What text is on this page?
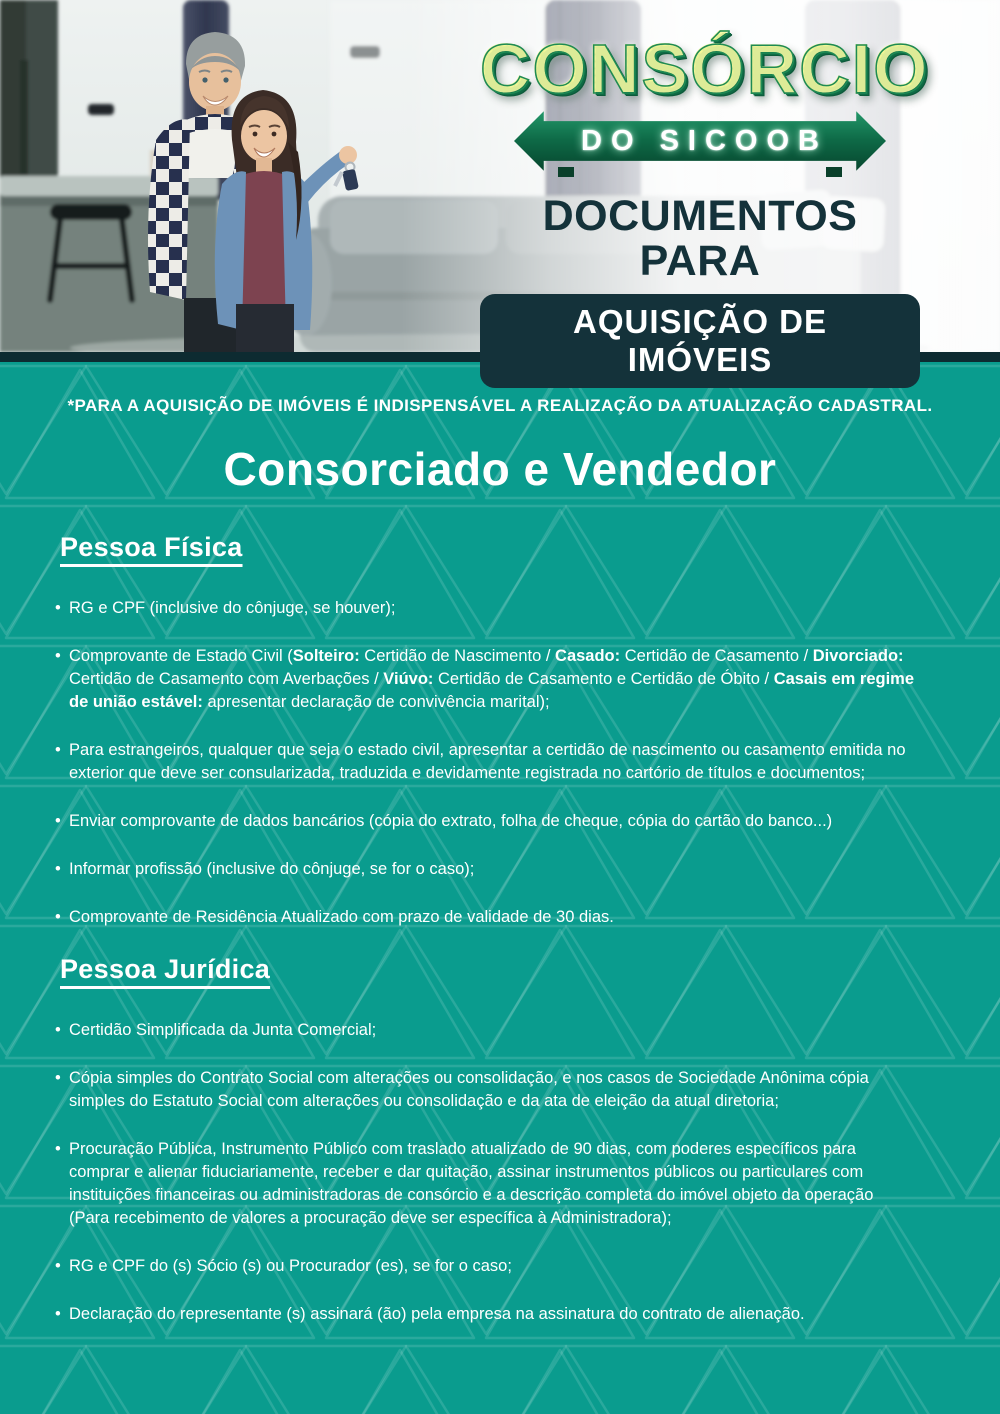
CONSÓRCIO
DO SICOOB
DOCUMENTOS PARA
AQUISIÇÃO DE IMÓVEIS

*PARA A AQUISIÇÃO DE IMÓVEIS É INDISPENSÁVEL A REALIZAÇÃO DA ATUALIZAÇÃO CADASTRAL.

Consorciado e Vendedor
Pessoa Física
• RG e CPF (inclusive do cônjuge, se houver);
• Comprovante de Estado Civil (Solteiro: Certidão de Nascimento / Casado: Certidão de Casamento / Divorciado: Certidão de Casamento com Averbações / Viúvo: Certidão de Casamento e Certidão de Óbito / Casais em regime de união estável: apresentar declaração de convivência marital);
• Para estrangeiros, qualquer que seja o estado civil, apresentar a certidão de nascimento ou casamento emitida no exterior que deve ser consularizada, traduzida e devidamente registrada no cartório de títulos e documentos;
• Enviar comprovante de dados bancários (cópia do extrato, folha de cheque, cópia do cartão do banco...)
• Informar profissão (inclusive do cônjuge, se for o caso);
• Comprovante de Residência Atualizado com prazo de validade de 30 dias.
Pessoa Jurídica
• Certidão Simplificada da Junta Comercial;
• Cópia simples do Contrato Social com alterações ou consolidação, e nos casos de Sociedade Anônima cópia simples do Estatuto Social com alterações ou consolidação e da ata de eleição da atual diretoria;
• Procuração Pública, Instrumento Público com traslado atualizado de 90 dias, com poderes específicos para comprar e alienar fiduciariamente, receber e dar quitação, assinar instrumentos públicos ou particulares com instituições financeiras ou administradoras de consórcio e a descrição completa do imóvel objeto da operação (Para recebimento de valores a procuração deve ser específica à Administradora);
• RG e CPF do (s) Sócio (s) ou Procurador (es), se for o caso;
• Declaração do representante (s) assinará (ão) pela empresa na assinatura do contrato de alienação.
